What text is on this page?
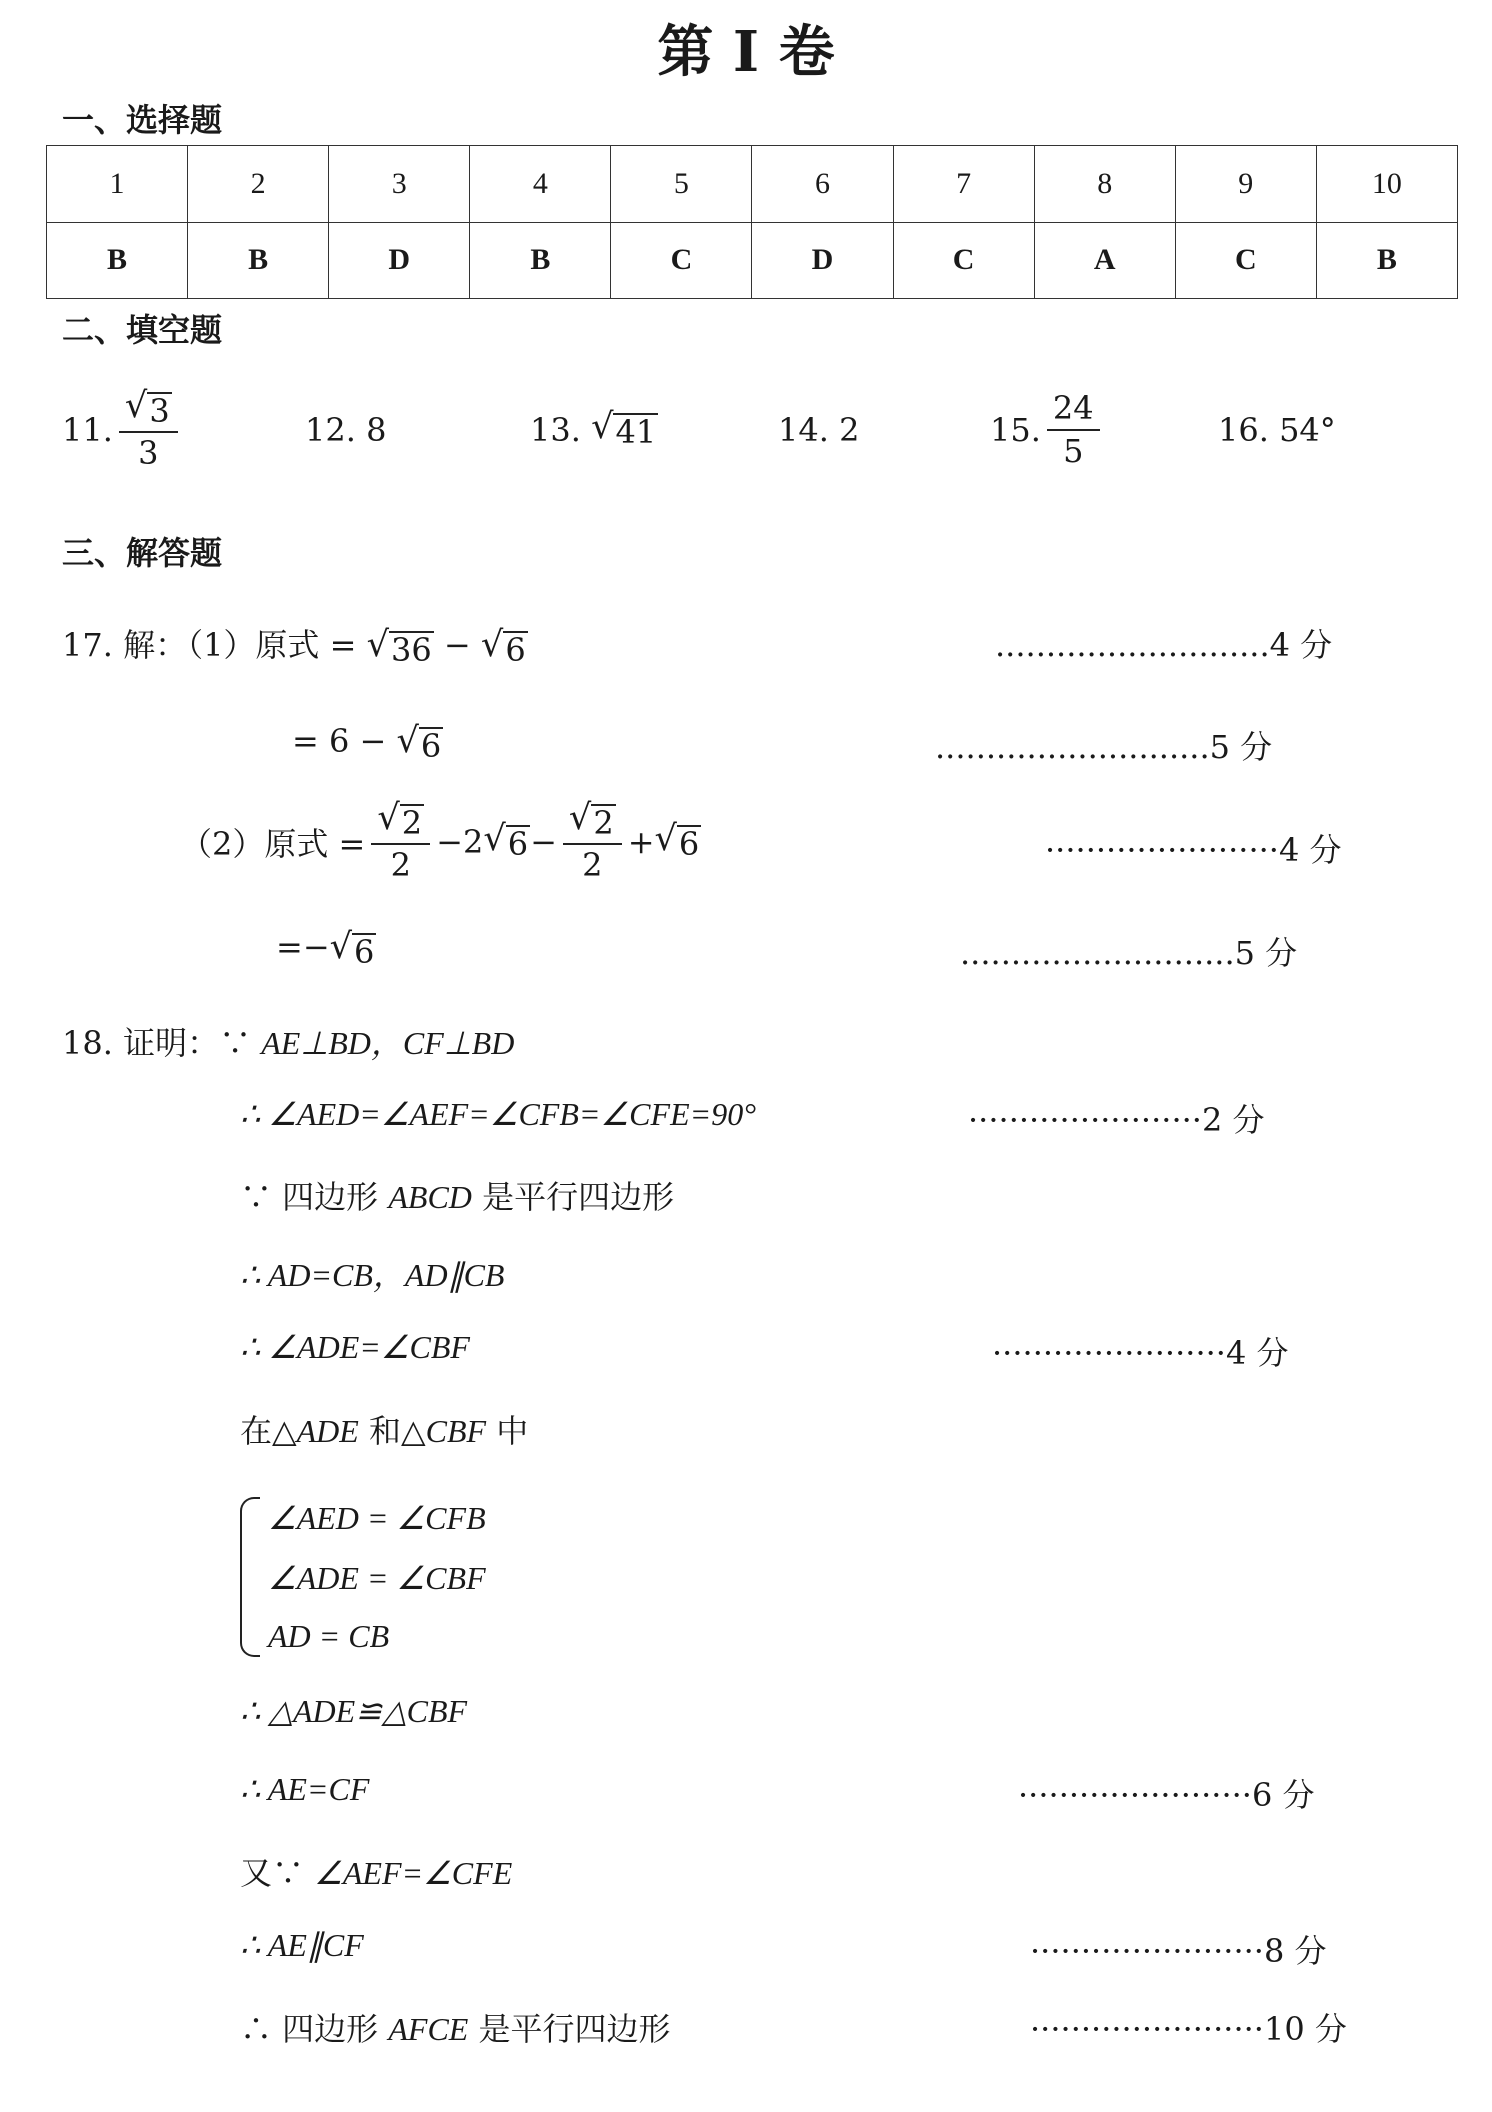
第 I 卷
一、选择题
1	2	3	4	5	6	7	8	9	10
B	B	D	B	C	D	C	A	C	B
二、填空题
11. $\frac{√ 3}{3}$	12. 8	13.
√ 41	14. 2	15. $\frac{24}{5}$	16. 54°
三、解答题
17. 解：（1）原式 = √ 36 − √ 6	...........................4 分
= 6 − √ 6	...........................5 分
（2）原式 = $\frac{√ 2}{2} -2$ √ $6 - \frac{√ 2}{2}$ + √ 6	·······················4 分
=− √ 6	...........................5 分
18. 证明：∵ AE⊥BD，CF⊥BD
∴ ∠AED=∠AEF=∠CFB=∠CFE=90°	·······················2 分
∵ 四边形 ABCD 是平行四边形
∴ AD=CB，AD∥CB
∴ ∠ADE=∠CBF	·······················4 分
在△ADE 和△CBF 中
∠AED = ∠CFB
∠ADE = ∠CBF
AD = CB
∴ △ADE≌△CBF
∴ AE=CF	·······················6 分
又∵ ∠AEF=∠CFE
∴ AE∥CF	·······················8 分
∴ 四边形 AFCE 是平行四边形	·······················10 分
